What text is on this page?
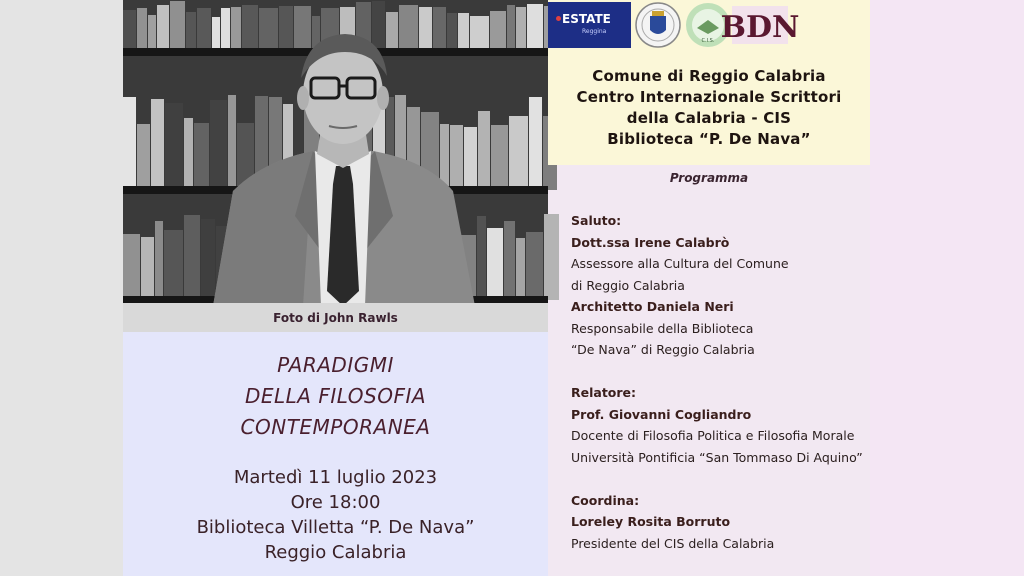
Foto di John Rawls
PARADIGMI
DELLA FILOSOFIA
CONTEMPORANEA
Martedì 11 luglio 2023
Ore 18:00
Biblioteca Villetta “P. De Nava”
Reggio Calabria
ESTATE
Reggina
C.I.S. BDN
Comune di Reggio Calabria
Centro Internazionale Scrittori
della Calabria - CIS
Biblioteca “P. De Nava”
Programma
Saluto:
Dott.ssa Irene Calabrò
Assessore alla Cultura del Comune
di Reggio Calabria
Architetto Daniela Neri
Responsabile della Biblioteca
“De Nava” di Reggio Calabria
Relatore:
Prof. Giovanni Cogliandro
Docente di Filosofia Politica e Filosofia Morale
Università Pontificia “San Tommaso Di Aquino”
Coordina:
Loreley Rosita Borruto
Presidente del CIS della Calabria
